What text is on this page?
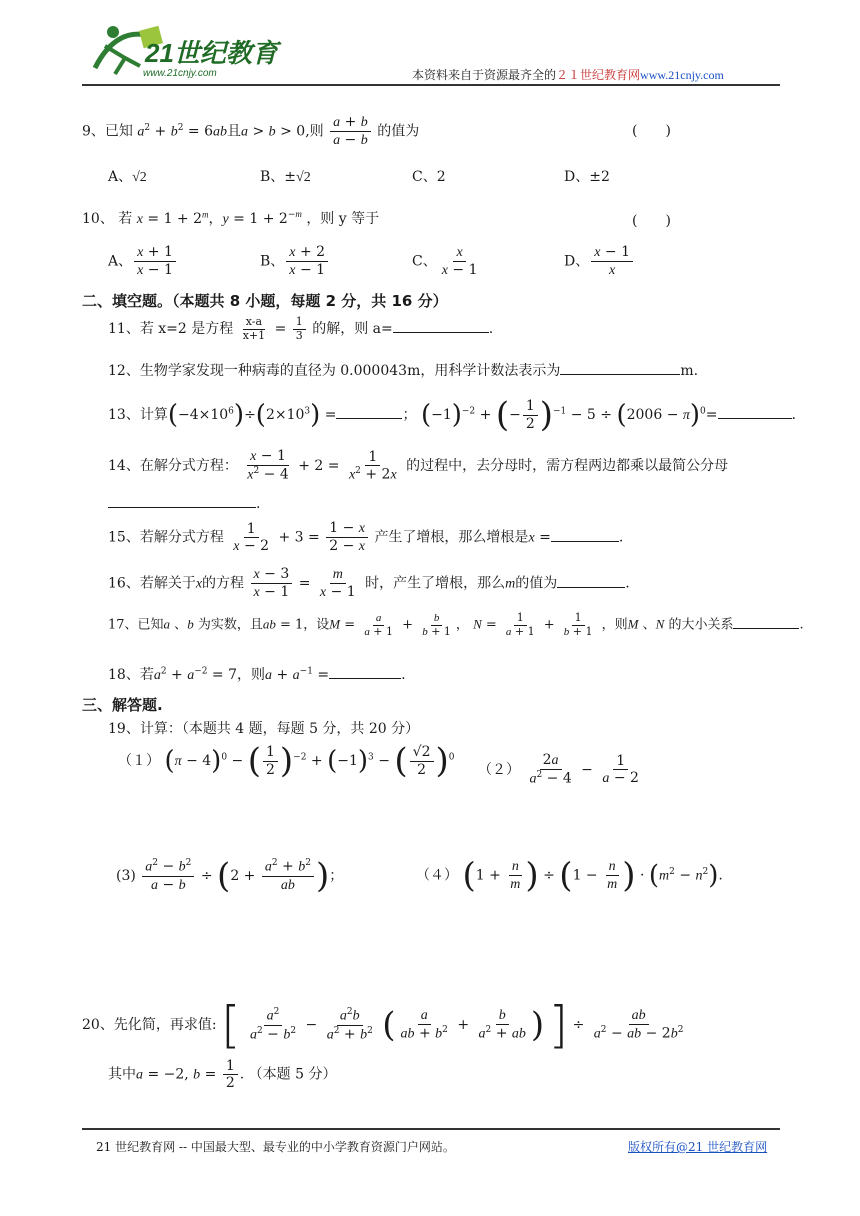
21世纪教育
www.21cnjy.com	本资料来自于资源最齐全的２１世纪教育网www.21cnjy.com
9、已知 $a^2 + b^2 = 6ab$且a > b > 0,则 $\frac{a + b}{a - b}$ 的值为	(　　)
A、√2	B、±√2	C、2	D、±2
10、 若 $x = 1 + 2^m$，$y = 1 + 2^{-m}$ ，则 y 等于	(　　)
A、 $\frac{x + 1}{x - 1}$	B、 $\frac{x + 2}{x - 1}$	C、 $\frac{x}{x - 1}$	D、 $\frac{x - 1}{x}$
二、填空题。（本题共 8 小题，每题 2 分，共 16 分）
11、若 x=2 是方程 $\frac{x-a}{x+1} = \frac{1}{3}$ 的解，则 a=	.
12、生物学家发现一种病毒的直径为 0.000043m，用科学计数法表示为	m.
13、计算$(-4\times 10^6)\div(2\times 10^3)$ =	； $(-1)^{-2}$ + (− $\frac{1}{2} )^{-1} - 5 \div (2006 - \pi)^0=$	.
14、在解分式方程： $\frac{x - 1}{x^2 - 4} + 2 = \frac{1}{x^2 + 2x}$ 的过程中，去分母时，需方程两边都乘以最简公分母
.
15、若解分式方程 $\frac{1}{x - 2} + 3 = \frac{1 - x}{2 - x}$ 产生了增根，那么增根是x =	.
16、若解关于x的方程 $\frac{x - 3}{x - 1} = \frac{m}{x - 1}$ 时，产生了增根，那么m的值为	.
17、已知a 、b 为实数，且ab = 1，设$M = \frac{a}{a + 1} + \frac{b}{b + 1}$ ， $N = \frac{1}{a + 1} + \frac{1}{b + 1}$ ，则M 、N 的大小关系	.
18、若$a^2 + a^{-2} = 7$，则$a + a^{-1}$ =	.
三、解答题.
19、计算：（本题共 4 题，每题 5 分，共 20 分）
（１） $(\pi - 4)^0$ − ( $\frac{1}{2} )^{-2} + (-1)^3$ − ( $\frac{√2}{2} )^0$
$(2) \frac{2a}{a^2 - 4} - \frac{1}{a - 2}$
$(3) \frac{a^2 - b^2}{a - b} \div (2 + \frac{a^2 + b^2}{ab}$ )；	（４） ($1 + \frac{n}{m}$ ) ÷ ($1 - \frac{n}{m}$ ) · $(m^2 - n^2)$.
20、先化简，再求值: [ $\frac{a^2}{a^2 - b^2} - \frac{a^2b}{a^2 + b^2}$ ( $\frac{a}{ab + b^2} + \frac{b}{a^2 + ab}$ ) ] ÷ $\frac{ab}{a^2 - ab - 2b^2}$
其中a = −2, $b = \frac{1}{2}$ . （本题 5 分）
21 世纪教育网 -- 中国最大型、最专业的中小学教育资源门户网站。	版权所有@21 世纪教育网
